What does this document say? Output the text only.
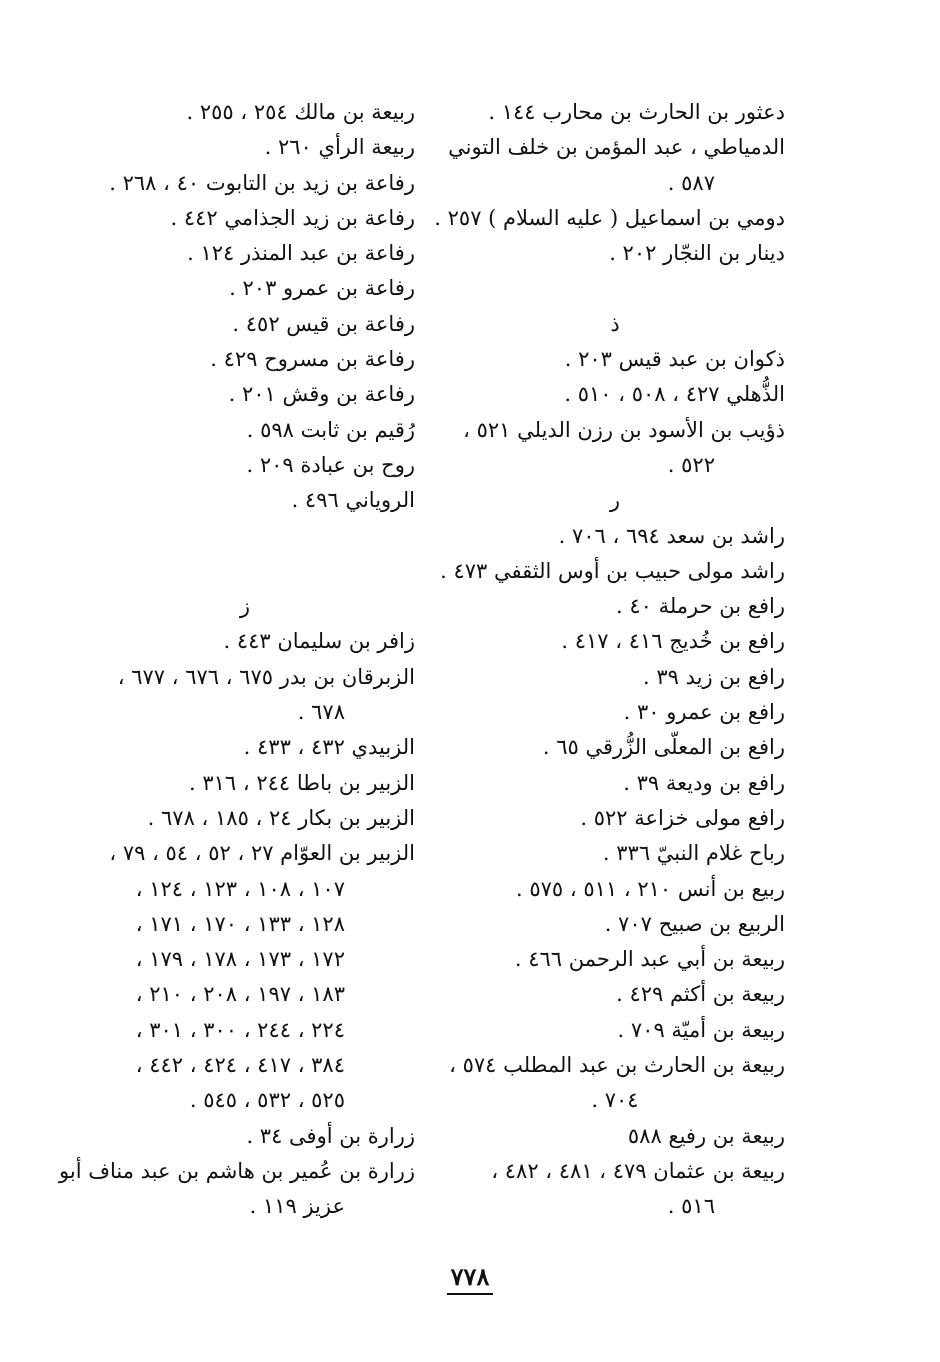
دعثور بن الحارث بن محارب ١٤٤ .
الدمياطي ، عبد المؤمن بن خلف التوني
٥٨٧ .
دومي بن اسماعيل ( عليه السلام ) ٢٥٧ .
دينار بن النجّار ٢٠٢ .
ذ
ذكوان بن عبد قيس ٢٠٣ .
الذُّهلي ٤٢٧ ، ٥٠٨ ، ٥١٠ .
ذؤيب بن الأسود بن رزن الديلي ٥٢١ ،
٥٢٢ .
ر
راشد بن سعد ٦٩٤ ، ٧٠٦ .
راشد مولى حبيب بن أوس الثقفي ٤٧٣ .
رافع بن حرملة ٤٠ .
رافع بن خُديج ٤١٦ ، ٤١٧ .
رافع بن زيد ٣٩ .
رافع بن عمرو ٣٠ .
رافع بن المعلّى الزُّرقي ٦٥ .
رافع بن وديعة ٣٩ .
رافع مولى خزاعة ٥٢٢ .
رباح غلام النبيّ ٣٣٦ .
ربيع بن أنس ٢١٠ ، ٥١١ ، ٥٧٥ .
الربيع بن صبيح ٧٠٧ .
ربيعة بن أبي عبد الرحمن ٤٦٦ .
ربيعة بن أكثم ٤٢٩ .
ربيعة بن أميّة ٧٠٩ .
ربيعة بن الحارث بن عبد المطلب ٥٧٤ ،
٧٠٤ .
ربيعة بن رفيع ٥٨٨
ربيعة بن عثمان ٤٧٩ ، ٤٨١ ، ٤٨٢ ،
٥١٦ .
ربيعة بن مالك ٢٥٤ ، ٢٥٥ .
ربيعة الرأي ٢٦٠ .
رفاعة بن زيد بن التابوت ٤٠ ، ٢٦٨ .
رفاعة بن زيد الجذامي ٤٤٢ .
رفاعة بن عبد المنذر ١٢٤ .
رفاعة بن عمرو ٢٠٣ .
رفاعة بن قيس ٤٥٢ .
رفاعة بن مسروح ٤٢٩ .
رفاعة بن وقش ٢٠١ .
رُقيم بن ثابت ٥٩٨ .
روح بن عبادة ٢٠٩ .
الروياني ٤٩٦ .
ز
زافر بن سليمان ٤٤٣ .
الزبرقان بن بدر ٦٧٥ ، ٦٧٦ ، ٦٧٧ ،
٦٧٨ .
الزبيدي ٤٣٢ ، ٤٣٣ .
الزبير بن باطا ٢٤٤ ، ٣١٦ .
الزبير بن بكار ٢٤ ، ١٨٥ ، ٦٧٨ .
الزبير بن العوّام ٢٧ ، ٥٢ ، ٥٤ ، ٧٩ ،
١٠٧ ، ١٠٨ ، ١٢٣ ، ١٢٤ ،
١٢٨ ، ١٣٣ ، ١٧٠ ، ١٧١ ،
١٧٢ ، ١٧٣ ، ١٧٨ ، ١٧٩ ،
١٨٣ ، ١٩٧ ، ٢٠٨ ، ٢١٠ ،
٢٢٤ ، ٢٤٤ ، ٣٠٠ ، ٣٠١ ،
٣٨٤ ، ٤١٧ ، ٤٢٤ ، ٤٤٢ ،
٥٢٥ ، ٥٣٢ ، ٥٤٥ .
زرارة بن أوفى ٣٤ .
زرارة بن عُمير بن هاشم بن عبد مناف أبو
عزيز ١١٩ .
٧٧٨
